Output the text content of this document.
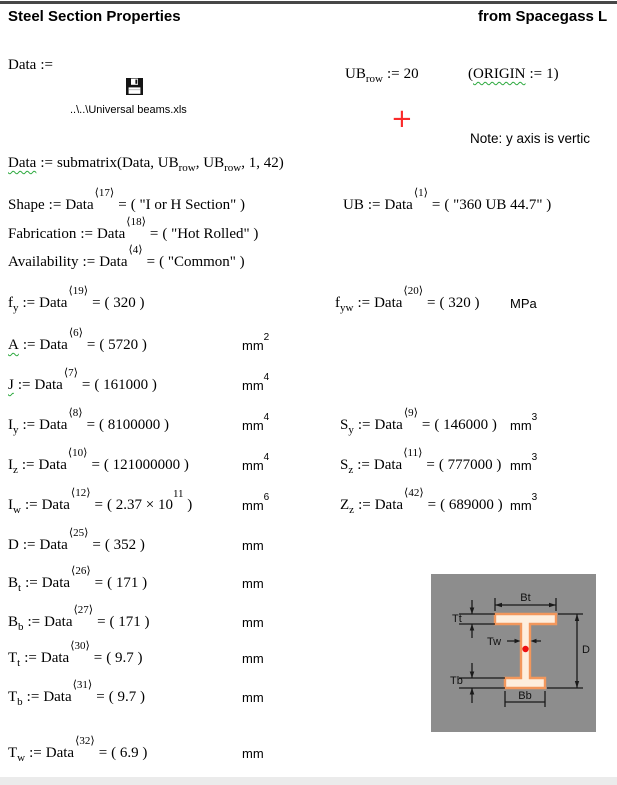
Steel Section Properties	from Spacegass L
Data :=
..\..\Universal beams.xls
$UB_{row}$ := 20	(ORIGIN := 1)
+
Note: y axis is vertic
Data := submatrix(Data, $UB_{row}$, $UB_{row}$, 1, 42)
Bt
Tt
Tw
D
Tb
Bb
Shape := Data$^{⟨17⟩}$= ( "I or H Section" )	UB := Data$^{⟨1⟩}$= ( "360 UB 44.7" )
Fabrication := Data$^{⟨18⟩}$= ( "Hot Rolled" )
Availability := Data$^{⟨4⟩}$= ( "Common" )
$f_y$ := Data$^{⟨19⟩}$= ( 320 )	$f_{yw}$ := Data$^{⟨20⟩}$= ( 320 ) MPa
A := Data$^{⟨6⟩}$= ( 5720 )	$mm^2$
J := Data$^{⟨7⟩}$= ( 161000 )	$mm^4$
$I_y$ := Data$^{⟨8⟩}$= ( 8100000 )	$mm^4$	$S_y$ := Data$^{⟨9⟩}$= ( 146000 ) $mm^3$
$I_z$ := Data$^{⟨10⟩}$= ( 121000000 )	$mm^4$	$S_z$ := Data$^{⟨11⟩}$= ( 777000 ) $mm^3$
$I_w$ := Data$^{⟨12⟩}$= ( $2.37 \times 10^{11}$ )	$mm^6$	$Z_z$ := Data$^{⟨42⟩}$= ( 689000 ) $mm^3$
D := Data$^{⟨25⟩}$= ( 352 )	mm
$B_t$ := Data$^{⟨26⟩}$= ( 171 )	mm
$B_b$ := Data$^{⟨27⟩}$= ( 171 )	mm
$T_t$ := Data$^{⟨30⟩}$= ( 9.7 )	mm
$T_b$ := Data$^{⟨31⟩}$= ( 9.7 )	mm
$T_w$ := Data$^{⟨32⟩}$= ( 6.9 )	mm
